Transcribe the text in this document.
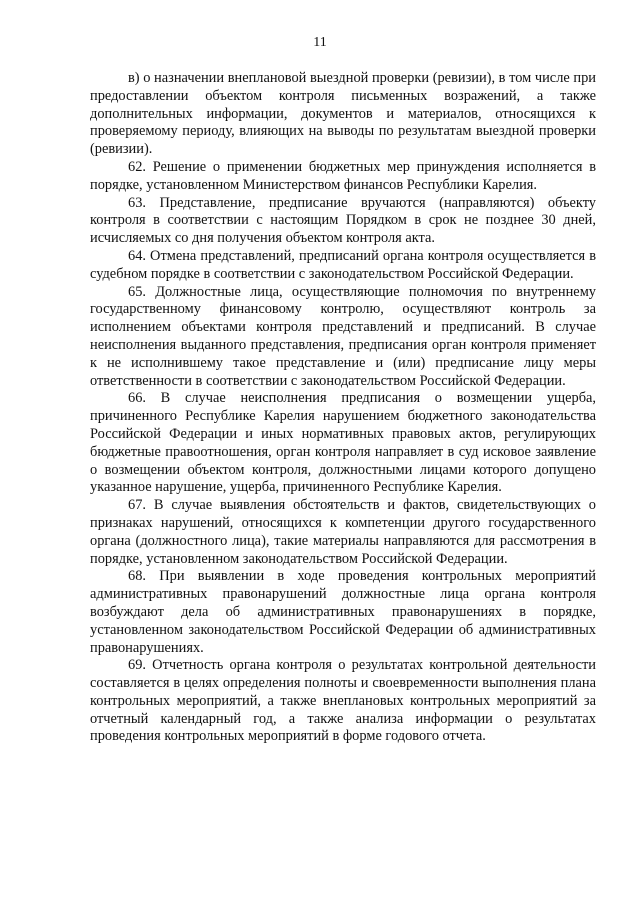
11

в) о назначении внеплановой выездной проверки (ревизии), в том числе при предоставлении объектом контроля письменных возражений, а также дополнительных информации, документов и материалов, относящихся к проверяемому периоду, влияющих на выводы по результатам выездной проверки (ревизии).

62. Решение о применении бюджетных мер принуждения исполняется в порядке, установленном Министерством финансов Республики Карелия.

63. Представление, предписание вручаются (направляются) объекту контроля в соответствии с настоящим Порядком в срок не позднее 30 дней, исчисляемых со дня получения объектом контроля акта.

64. Отмена представлений, предписаний органа контроля осуществляется в судебном порядке в соответствии с законодательством Российской Федерации.

65. Должностные лица, осуществляющие полномочия по внутреннему государственному финансовому контролю, осуществляют контроль за исполнением объектами контроля представлений и предписаний. В случае неисполнения выданного представления, предписания орган контроля применяет к не исполнившему такое представление и (или) предписание лицу меры ответственности в соответствии с законодательством Российской Федерации.

66. В случае неисполнения предписания о возмещении ущерба, причиненного Республике Карелия нарушением бюджетного законодательства Российской Федерации и иных нормативных правовых актов, регулирующих бюджетные правоотношения, орган контроля направляет в суд исковое заявление о возмещении объектом контроля, должностными лицами которого допущено указанное нарушение, ущерба, причиненного Республике Карелия.

67. В случае выявления обстоятельств и фактов, свидетельствующих о признаках нарушений, относящихся к компетенции другого государственного органа (должностного лица), такие материалы направляются для рассмотрения в порядке, установленном законодательством Российской Федерации.

68. При выявлении в ходе проведения контрольных мероприятий административных правонарушений должностные лица органа контроля возбуждают дела об административных правонарушениях в порядке, установленном законодательством Российской Федерации об административных правонарушениях.

69. Отчетность органа контроля о результатах контрольной деятельности составляется в целях определения полноты и своевременности выполнения плана контрольных мероприятий, а также внеплановых контрольных мероприятий за отчетный календарный год, а также анализа информации о результатах проведения контрольных мероприятий в форме годового отчета.
